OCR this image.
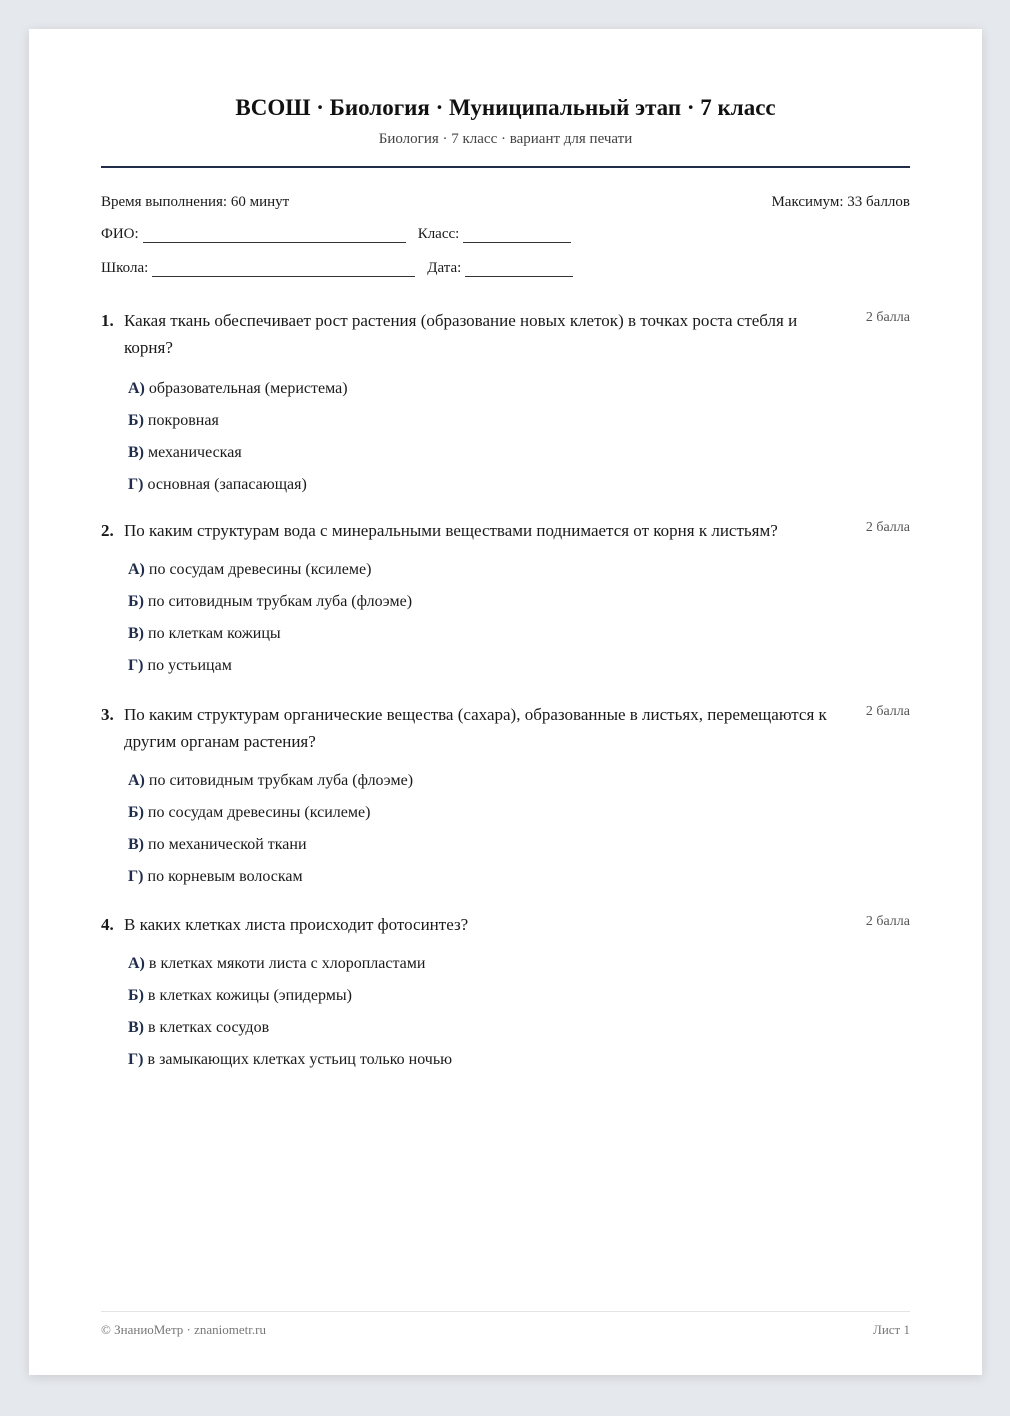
ВСОШ · Биология · Муниципальный этап · 7 класс
Биология · 7 класс · вариант для печати
Время выполнения: 60 минут	Максимум: 33 баллов
ФИО:	Класс:
Школа:	Дата:
1. Какая ткань обеспечивает рост растения (образование новых клеток) в точках роста стебля и корня?
2 балла
А) образовательная (меристема)
Б) покровная
В) механическая
Г) основная (запасающая)
2. По каким структурам вода с минеральными веществами поднимается от корня к листьям?	2 балла
А) по сосудам древесины (ксилеме)
Б) по ситовидным трубкам луба (флоэме)
В) по клеткам кожицы
Г) по устьицам
3. По каким структурам органические вещества (сахара), образованные в листьях, перемещаются к другим органам растения?
2 балла
А) по ситовидным трубкам луба (флоэме)
Б) по сосудам древесины (ксилеме)
В) по механической ткани
Г) по корневым волоскам
4. В каких клетках листа происходит фотосинтез?	2 балла
А) в клетках мякоти листа с хлоропластами
Б) в клетках кожицы (эпидермы)
В) в клетках сосудов
Г) в замыкающих клетках устьиц только ночью
© ЗнаниоМетр · znaniometr.ru	Лист 1
